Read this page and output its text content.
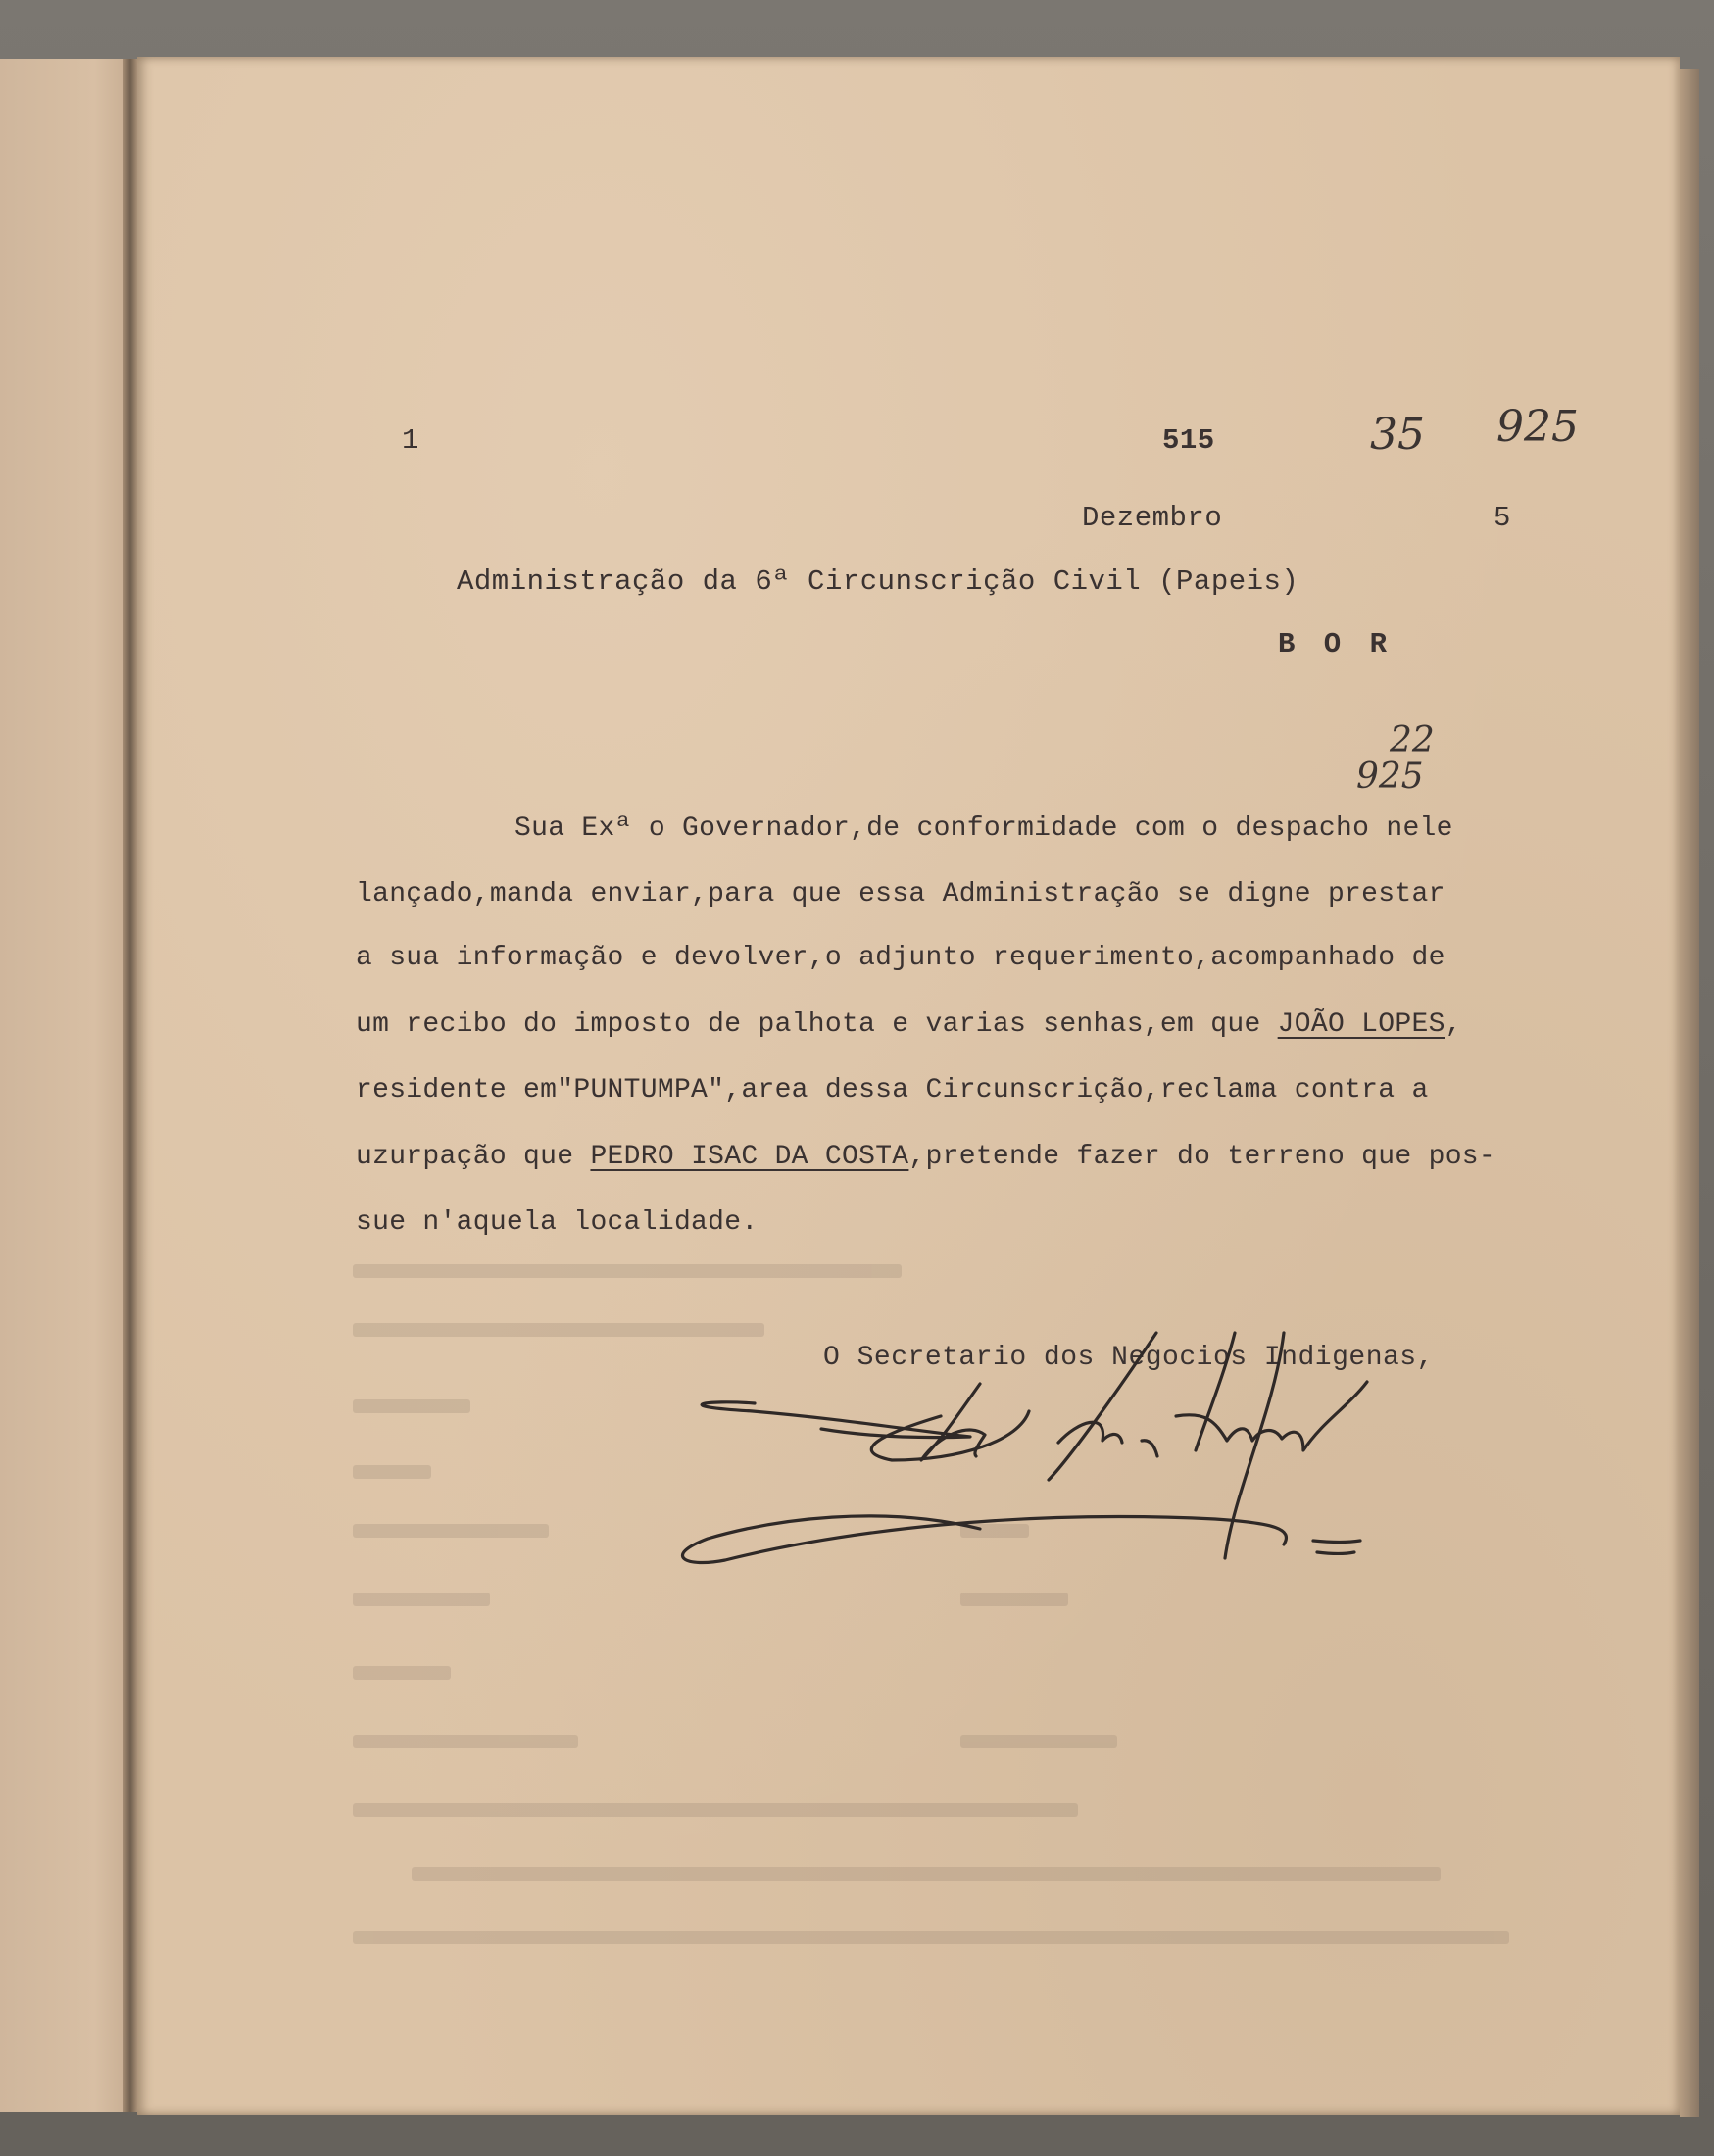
1	515	35 925
Dezembro	5
Administração da 6ª Circunscrição Civil (Papeis)
B O R
22
925
Sua Exª o Governador,de conformidade com o despacho nele
lançado,manda enviar,para que essa Administração se digne prestar
a sua informação e devolver,o adjunto requerimento,acompanhado de
um recibo do imposto de palhota e varias senhas,em que JOÃO LOPES,
residente em"PUNTUMPA",area dessa Circunscrição,reclama contra a
uzurpação que PEDRO ISAC DA COSTA,pretende fazer do terreno que pos-
sue n'aquela localidade.
O Secretario dos Negocios Indigenas,
